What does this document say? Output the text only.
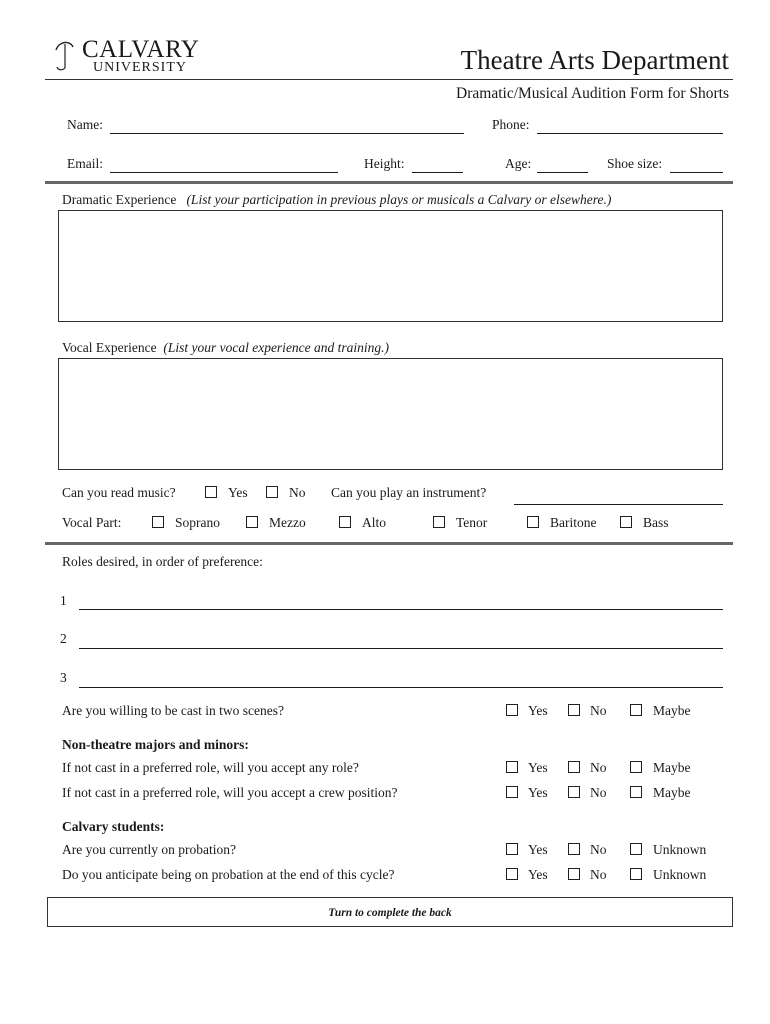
CALVARY
UNIVERSITY	Theatre Arts Department
Dramatic/Musical Audition Form for Shorts
Name:	Phone:
Email:	Height:	Age:	Shoe size:
Dramatic Experience (List your participation in previous plays or musicals a Calvary or elsewhere.)
Vocal Experience (List your vocal experience and training.)
Can you read music?	Yes	No Can you play an instrument?
Vocal Part:	Soprano	Mezzo	Alto	Tenor	Baritone	Bass
Roles desired, in order of preference:
1
2
3
Are you willing to be cast in two scenes?	Yes	No	Maybe
Non-theatre majors and minors:
If not cast in a preferred role, will you accept any role?	Yes	No	Maybe
If not cast in a preferred role, will you accept a crew position?	Yes	No	Maybe
Calvary students:
Are you currently on probation?	Yes	No	Unknown
Do you anticipate being on probation at the end of this cycle?	Yes	No	Unknown
Turn to complete the back
